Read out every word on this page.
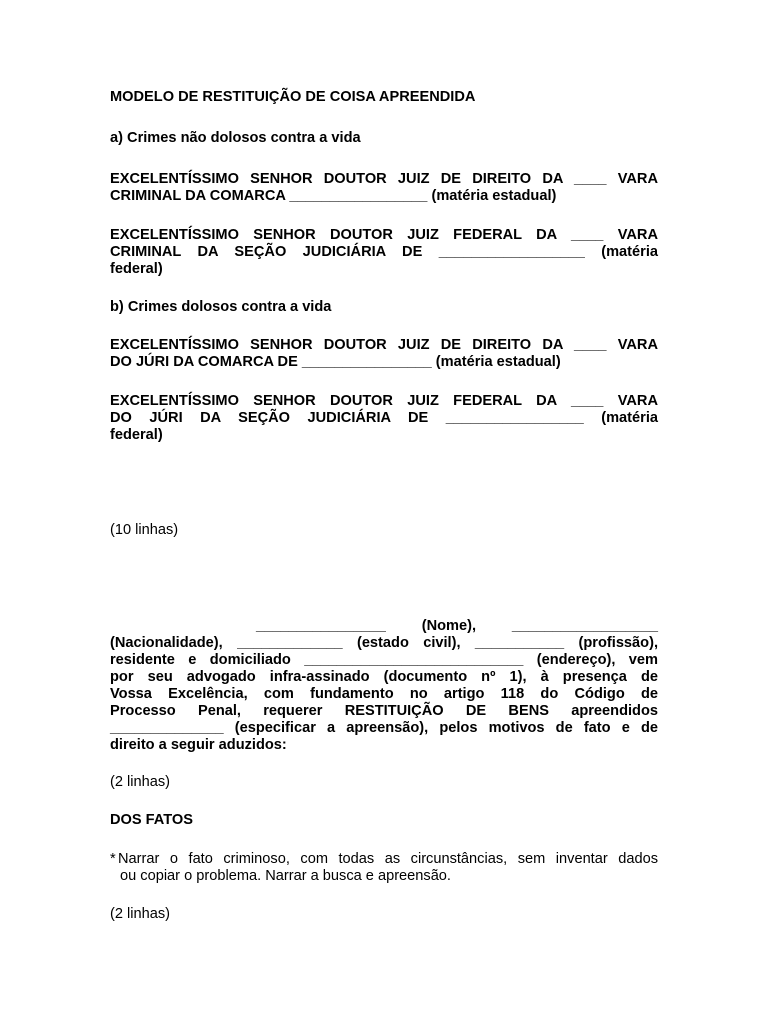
MODELO DE RESTITUIÇÃO DE COISA APREENDIDA

a) Crimes não dolosos contra a vida

EXCELENTÍSSIMO SENHOR DOUTOR JUIZ DE DIREITO DA ____ VARA

CRIMINAL DA COMARCA _________________ (matéria estadual)

EXCELENTÍSSIMO SENHOR DOUTOR JUIZ FEDERAL DA ____ VARA

CRIMINAL DA SEÇÃO JUDICIÁRIA DE __________________ (matéria

federal)

b) Crimes dolosos contra a vida

EXCELENTÍSSIMO SENHOR DOUTOR JUIZ DE DIREITO DA ____ VARA

DO JÚRI DA COMARCA DE ________________ (matéria estadual)

EXCELENTÍSSIMO SENHOR DOUTOR JUIZ FEDERAL DA ____ VARA

DO JÚRI DA SEÇÃO JUDICIÁRIA DE _________________ (matéria

federal)

(10 linhas)

________________ (Nome), __________________

(Nacionalidade), _____________ (estado civil), ___________ (profissão),

residente e domiciliado ___________________________ (endereço), vem

por seu advogado infra-assinado (documento nº 1), à presença de

Vossa Excelência, com fundamento no artigo 118 do Código de

Processo Penal, requerer RESTITUIÇÃO DE BENS apreendidos

______________ (especificar a apreensão), pelos motivos de fato e de

direito a seguir aduzidos:

(2 linhas)

DOS FATOS

* Narrar o fato criminoso, com todas as circunstâncias, sem inventar dados

ou copiar o problema. Narrar a busca e apreensão.

(2 linhas)
